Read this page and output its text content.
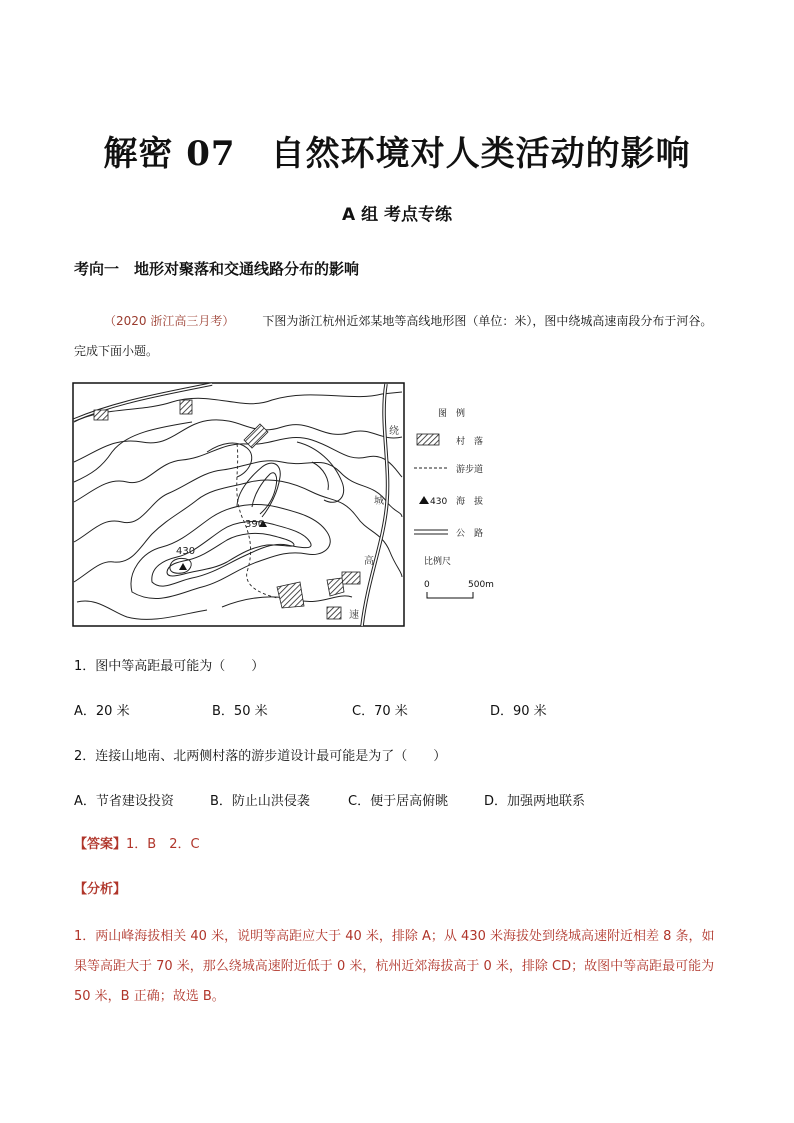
解密 07　自然环境对人类活动的影响
A 组 考点专练
考向一　地形对聚落和交通线路分布的影响
（2020 浙江高三月考） 下图为浙江杭州近郊某地等高线地形图（单位：米），图中绕城高速南段分布于河谷。完成下面小题。
430
390
绕
城
高
速
图　例
村　落
游步道
430 海　拔
公　路
比例尺
0	500m
1．图中等高距最可能为（　　）
A．20 米	B．50 米	C．70 米	D．90 米
2．连接山地南、北两侧村落的游步道设计最可能是为了（　　）
A．节省建设投资	B．防止山洪侵袭	C．便于居高俯眺	D．加强两地联系
【答案】1．B　2．C
【分析】
1．两山峰海拔相关 40 米，说明等高距应大于 40 米，排除 A；从 430 米海拔处到绕城高速附近相差 8 条，如果等高距大于 70 米，那么绕城高速附近低于 0 米，杭州近郊海拔高于 0 米，排除 CD；故图中等高距最可能为 50 米，B 正确；故选 B。
